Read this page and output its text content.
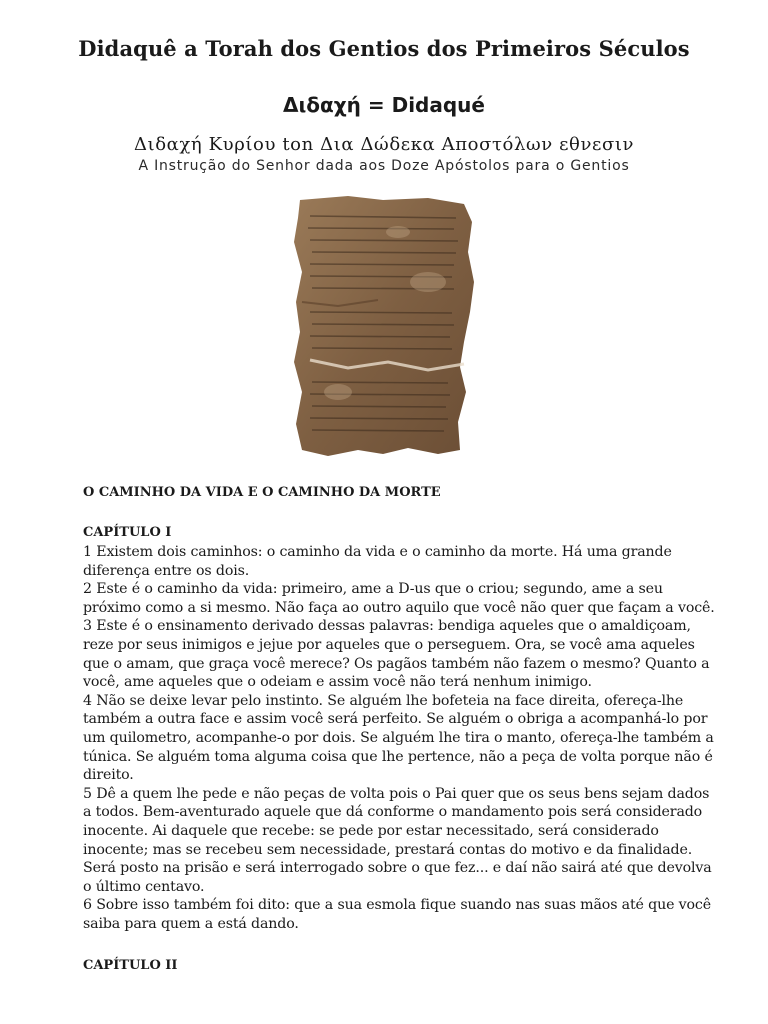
Didaquê a Torah dos Gentios dos Primeiros Séculos
Διδαχή = Didaqué
Διδαχή Κυρίου ton Δια Δώδεκα Αποστόλων εθνεσιν
A Instrução do Senhor dada aos Doze Apóstolos para o Gentios
O CAMINHO DA VIDA E O CAMINHO DA MORTE
CAPÍTULO I

1 Existem dois caminhos: o caminho da vida e o caminho da morte. Há uma grande

diferença entre os dois.

2 Este é o caminho da vida: primeiro, ame a D-us que o criou; segundo, ame a seu

próximo como a si mesmo. Não faça ao outro aquilo que você não quer que façam a você.

3 Este é o ensinamento derivado dessas palavras: bendiga aqueles que o amaldiçoam,

reze por seus inimigos e jejue por aqueles que o perseguem. Ora, se você ama aqueles

que o amam, que graça você merece? Os pagãos também não fazem o mesmo? Quanto a

você, ame aqueles que o odeiam e assim você não terá nenhum inimigo.

4 Não se deixe levar pelo instinto. Se alguém lhe bofeteia na face direita, ofereça-lhe

também a outra face e assim você será perfeito. Se alguém o obriga a acompanhá-lo por

um quilometro, acompanhe-o por dois. Se alguém lhe tira o manto, ofereça-lhe também a

túnica. Se alguém toma alguma coisa que lhe pertence, não a peça de volta porque não é

direito.

5 Dê a quem lhe pede e não peças de volta pois o Pai quer que os seus bens sejam dados

a todos. Bem-aventurado aquele que dá conforme o mandamento pois será considerado

inocente. Ai daquele que recebe: se pede por estar necessitado, será considerado

inocente; mas se recebeu sem necessidade, prestará contas do motivo e da finalidade.

Será posto na prisão e será interrogado sobre o que fez... e daí não sairá até que devolva

o último centavo.

6 Sobre isso também foi dito: que a sua esmola fique suando nas suas mãos até que você

saiba para quem a está dando.

CAPÍTULO II
